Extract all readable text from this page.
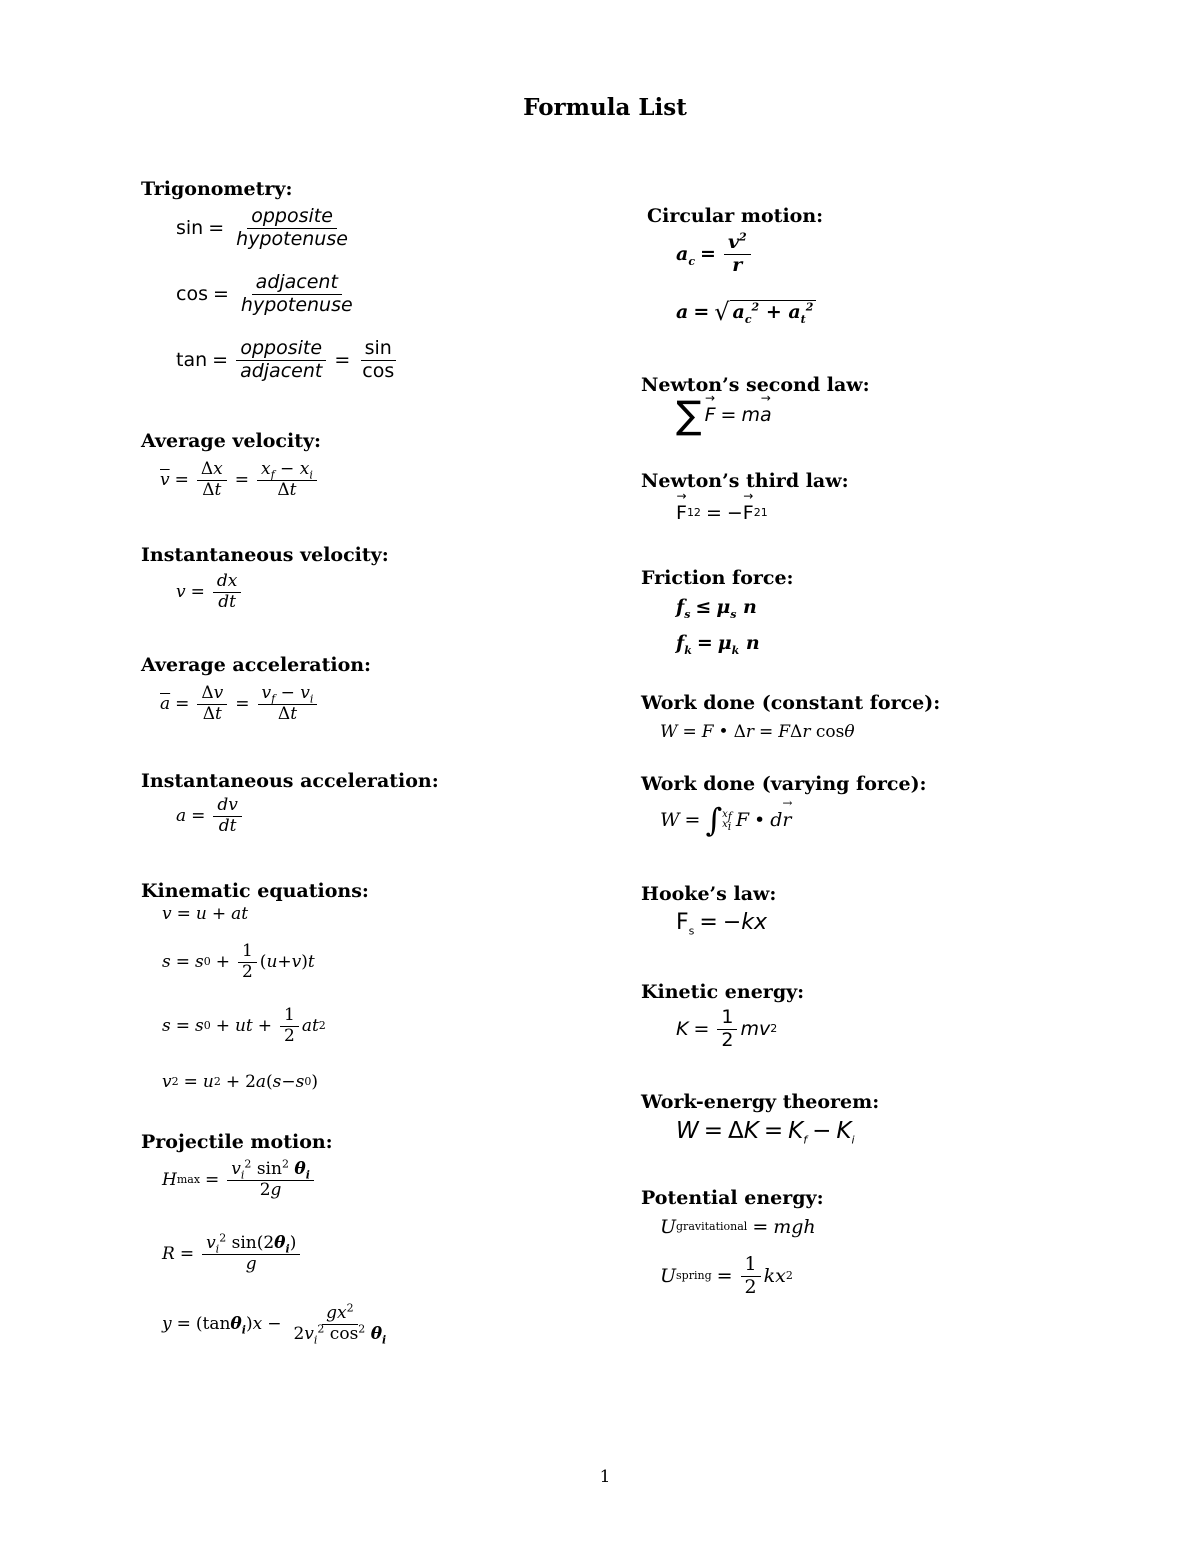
Formula List
Trigonometry:
$\sin = \frac{\text{opposite}}{\text{hypotenuse}}$
$\cos = \frac{\text{adjacent}}{\text{hypotenuse}}$
$\tan = \frac{\text{opposite}}{\text{adjacent}} = \frac{\sin}{\cos}$
Average velocity:
$\overline{v} = \frac{\Delta x}{\Delta t} = \frac{x_f - x_i}{\Delta t}$
Instantaneous velocity:
$v = \frac{dx}{dt}$
Average acceleration:
$\overline{a} = \frac{\Delta v}{\Delta t} = \frac{v_f - v_i}{\Delta t}$
Instantaneous acceleration:
$a = \frac{dv}{dt}$
Kinematic equations:
v = u + at
s = s $0 + \frac{1}{2}$ ( u + v ) t
s = s 0 + ut + $\frac{1}{2}$ at 2
v 2 = u 2 + 2 a ( s − s 0 )
Projectile motion:
H $\max = \frac{v_i^2 \sin^2 \theta_i}{2g}$
$R = \frac{v_i^2 \sin(2\theta_i)}{g}$
y = (tan $\theta_i$ ) $x - \frac{gx^2}{2v_i^2 \cos^2 \theta_i}$
Circular motion:
$a_c = \frac{v^2}{r}$
a = √ $a_c^2 + a_t^2$
Newton’s second law:
∑ → F = m → a
Newton’s third law:
→ F 12 = − → F 21
Friction force:
$f_s \le \mu_s$ n
$f_k = \mu_k$ n
Work done (constant force):
W = F • Δ r = F Δ r cos θ
Work done (varying force):
W = ∫ $x_f$
$x_i$ F • d → r
Hooke’s law:
$F_s$ = − kx
Kinetic energy:
$K = \frac{1}{2}$ mv 2
Work-energy theorem:
W = Δ $K = K_f - K_i$
Potential energy:
U gravitational = mgh
U spring = $\frac{1}{2}$ kx 2
1
